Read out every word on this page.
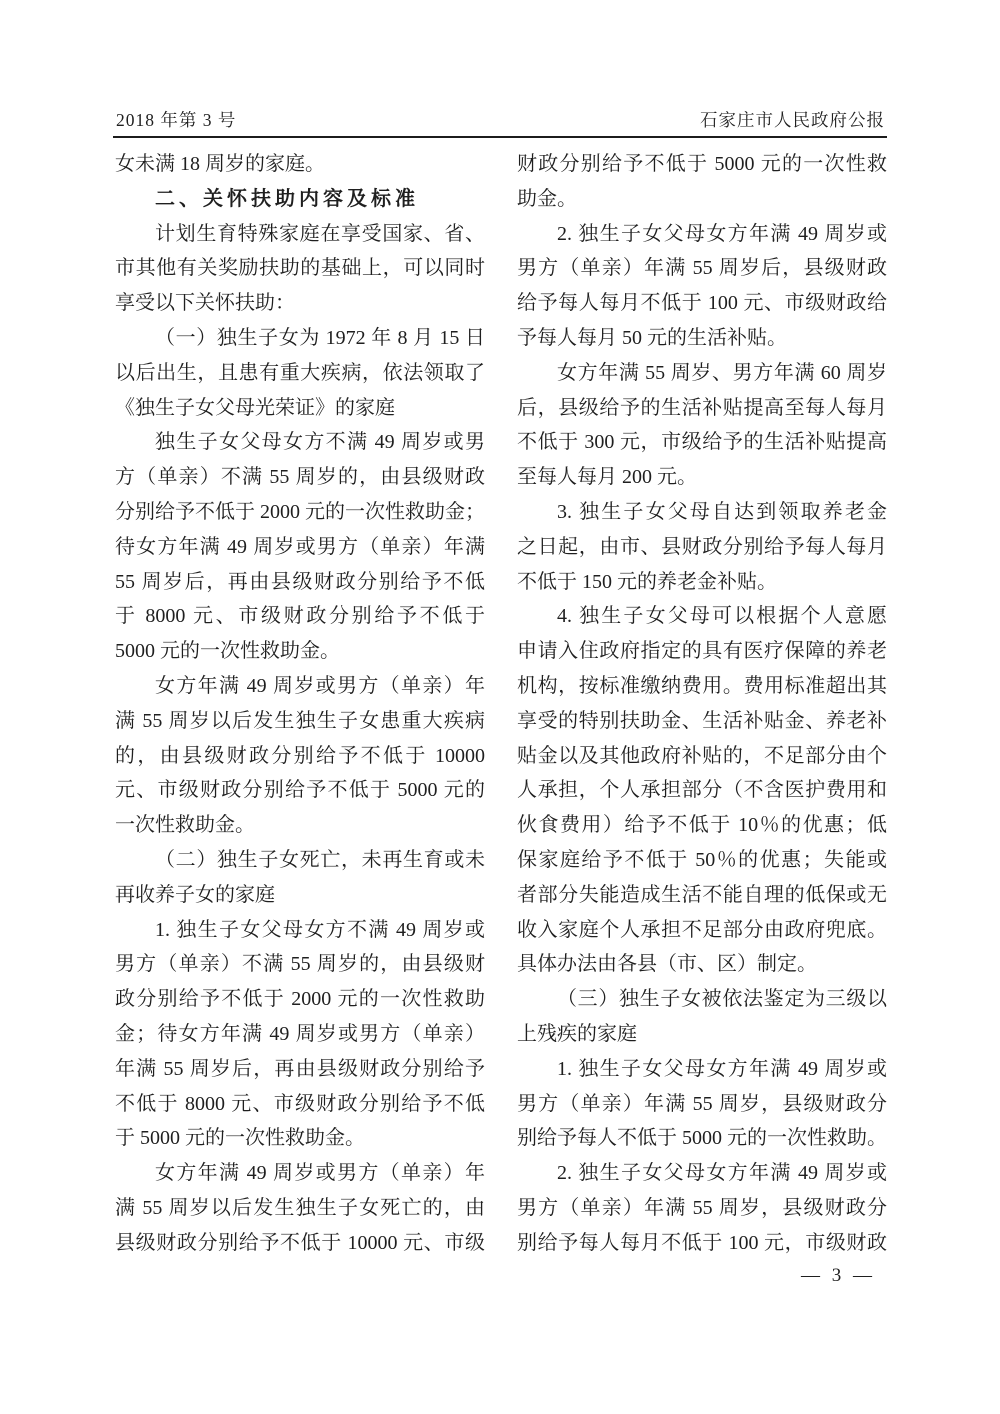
2018 年第 3 号	石家庄市人民政府公报
女未满 18 周岁的家庭。
二、关怀扶助内容及标准
计划生育特殊家庭在享受国家、省、
市其他有关奖励扶助的基础上，可以同时
享受以下关怀扶助：
（一）独生子女为 1972 年 8 月 15 日
以后出生，且患有重大疾病，依法领取了
《独生子女父母光荣证》的家庭
独生子女父母女方不满 49 周岁或男
方（单亲）不满 55 周岁的，由县级财政
分别给予不低于 2000 元的一次性救助金；
待女方年满 49 周岁或男方（单亲）年满
55 周岁后，再由县级财政分别给予不低
于 8000 元、市级财政分别给予不低于
5000 元的一次性救助金。
女方年满 49 周岁或男方（单亲）年
满 55 周岁以后发生独生子女患重大疾病
的，由县级财政分别给予不低于 10000
元、市级财政分别给予不低于 5000 元的
一次性救助金。
（二）独生子女死亡，未再生育或未
再收养子女的家庭
1. 独生子女父母女方不满 49 周岁或
男方（单亲）不满 55 周岁的，由县级财
政分别给予不低于 2000 元的一次性救助
金；待女方年满 49 周岁或男方（单亲）
年满 55 周岁后，再由县级财政分别给予
不低于 8000 元、市级财政分别给予不低
于 5000 元的一次性救助金。
女方年满 49 周岁或男方（单亲）年
满 55 周岁以后发生独生子女死亡的，由
县级财政分别给予不低于 10000 元、市级
财政分别给予不低于 5000 元的一次性救
助金。
2. 独生子女父母女方年满 49 周岁或
男方（单亲）年满 55 周岁后，县级财政
给予每人每月不低于 100 元、市级财政给
予每人每月 50 元的生活补贴。
女方年满 55 周岁、男方年满 60 周岁
后，县级给予的生活补贴提高至每人每月
不低于 300 元，市级给予的生活补贴提高
至每人每月 200 元。
3. 独生子女父母自达到领取养老金
之日起，由市、县财政分别给予每人每月
不低于 150 元的养老金补贴。
4. 独生子女父母可以根据个人意愿
申请入住政府指定的具有医疗保障的养老
机构，按标准缴纳费用。费用标准超出其
享受的特别扶助金、生活补贴金、养老补
贴金以及其他政府补贴的，不足部分由个
人承担，个人承担部分（不含医护费用和
伙食费用）给予不低于 10％的优惠；低
保家庭给予不低于 50％的优惠；失能或
者部分失能造成生活不能自理的低保或无
收入家庭个人承担不足部分由政府兜底。
具体办法由各县（市、区）制定。
（三）独生子女被依法鉴定为三级以
上残疾的家庭
1. 独生子女父母女方年满 49 周岁或
男方（单亲）年满 55 周岁，县级财政分
别给予每人不低于 5000 元的一次性救助。
2. 独生子女父母女方年满 49 周岁或
男方（单亲）年满 55 周岁，县级财政分
别给予每人每月不低于 100 元，市级财政
— 3 —
